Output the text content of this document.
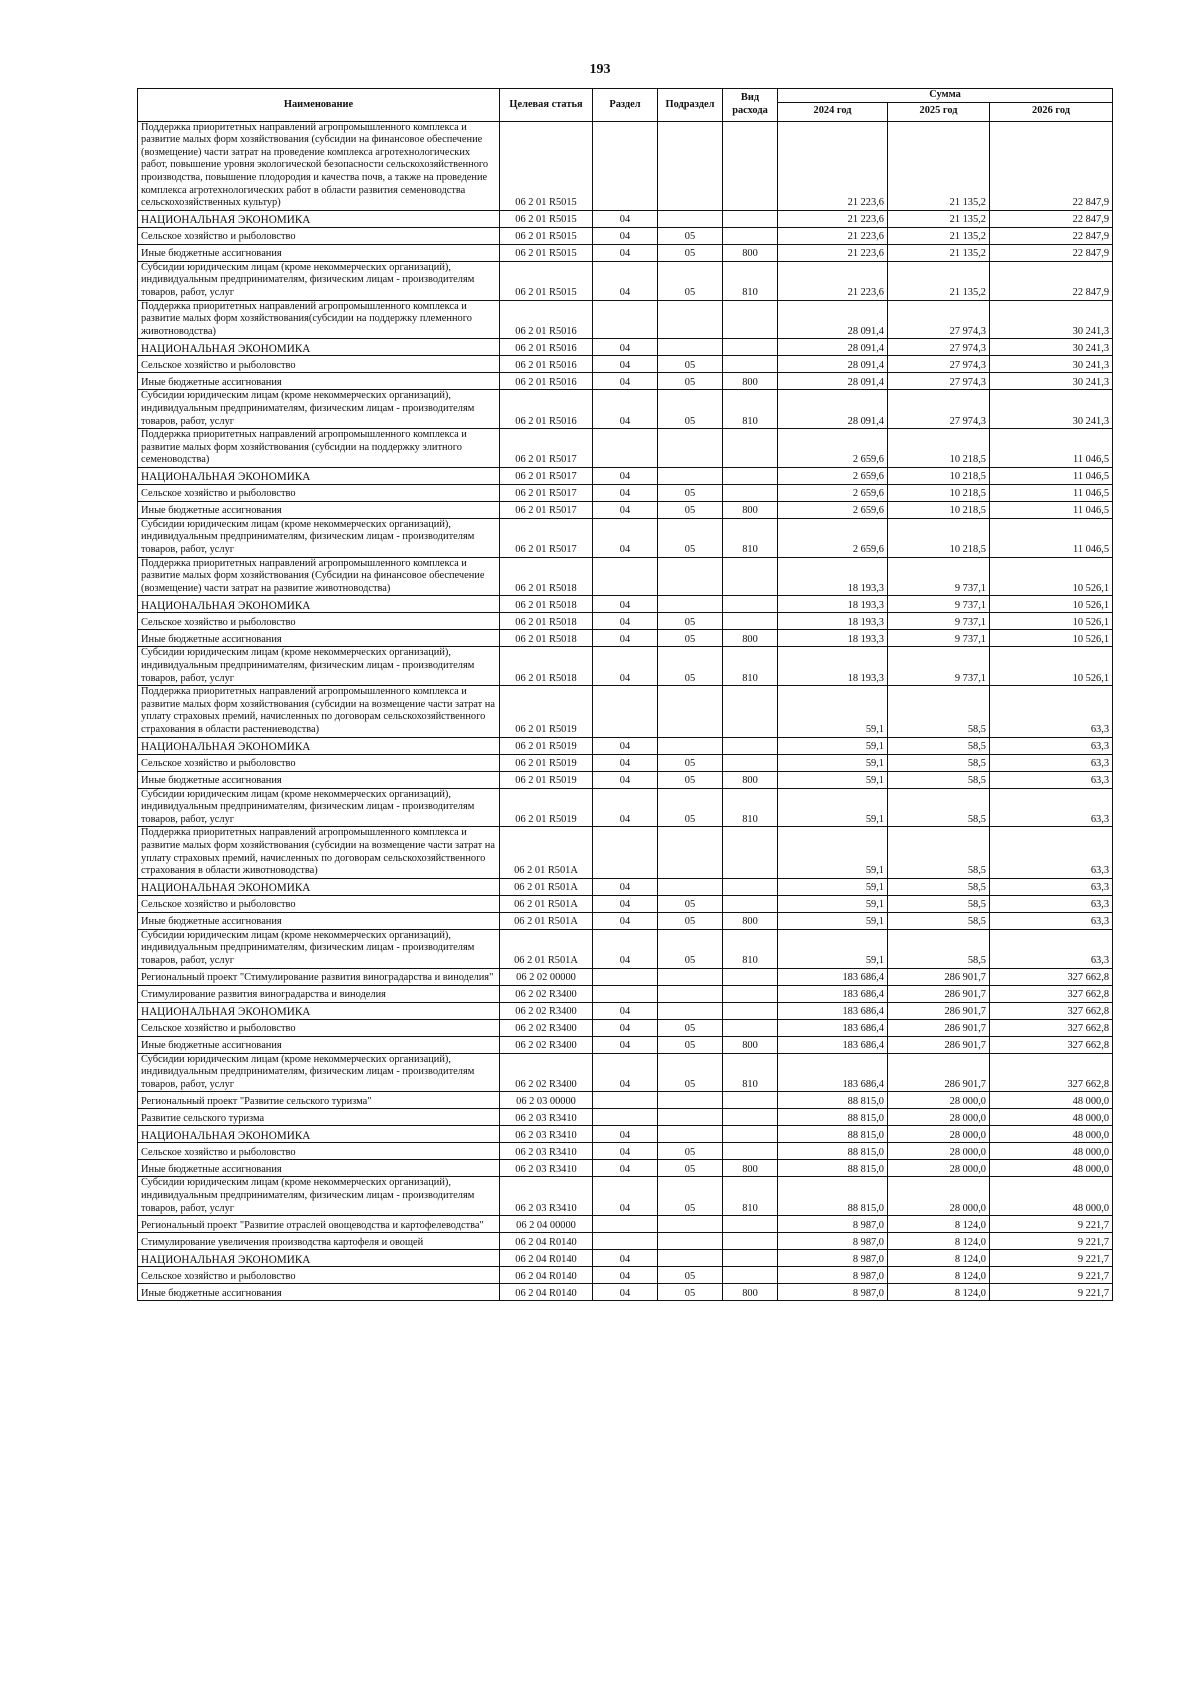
193
Наименование	Целевая статья	Раздел	Подраздел	Вид расхода	Сумма		
					2024 год	2025 год	2026 год
Поддержка приоритетных направлений агропромышленного комплекса и развитие малых форм хозяйствования (субсидии на финансовое обеспечение (возмещение) части затрат на проведение комплекса агротехнологических работ, повышение уровня экологической безопасности сельскохозяйственного производства, повышение плодородия и качества почв, а также на проведение комплекса агротехнологических работ в области развития семеноводства сельскохозяйственных культур)	06 2 01 R5015				21 223,6	21 135,2	22 847,9
НАЦИОНАЛЬНАЯ ЭКОНОМИКА	06 2 01 R5015	04			21 223,6	21 135,2	22 847,9
Сельское хозяйство и рыболовство	06 2 01 R5015	04	05		21 223,6	21 135,2	22 847,9
Иные бюджетные ассигнования	06 2 01 R5015	04	05	800	21 223,6	21 135,2	22 847,9
Субсидии юридическим лицам (кроме некоммерческих организаций), индивидуальным предпринимателям, физическим лицам - производителям товаров, работ, услуг	06 2 01 R5015	04	05	810	21 223,6	21 135,2	22 847,9
Поддержка приоритетных направлений агропромышленного комплекса и развитие малых форм хозяйствования(субсидии на поддержку племенного животноводства)	06 2 01 R5016				28 091,4	27 974,3	30 241,3
НАЦИОНАЛЬНАЯ ЭКОНОМИКА	06 2 01 R5016	04			28 091,4	27 974,3	30 241,3
Сельское хозяйство и рыболовство	06 2 01 R5016	04	05		28 091,4	27 974,3	30 241,3
Иные бюджетные ассигнования	06 2 01 R5016	04	05	800	28 091,4	27 974,3	30 241,3
Субсидии юридическим лицам (кроме некоммерческих организаций), индивидуальным предпринимателям, физическим лицам - производителям товаров, работ, услуг	06 2 01 R5016	04	05	810	28 091,4	27 974,3	30 241,3
Поддержка приоритетных направлений агропромышленного комплекса и развитие малых форм хозяйствования (субсидии на поддержку элитного семеноводства)	06 2 01 R5017				2 659,6	10 218,5	11 046,5
НАЦИОНАЛЬНАЯ ЭКОНОМИКА	06 2 01 R5017	04			2 659,6	10 218,5	11 046,5
Сельское хозяйство и рыболовство	06 2 01 R5017	04	05		2 659,6	10 218,5	11 046,5
Иные бюджетные ассигнования	06 2 01 R5017	04	05	800	2 659,6	10 218,5	11 046,5
Субсидии юридическим лицам (кроме некоммерческих организаций), индивидуальным предпринимателям, физическим лицам - производителям товаров, работ, услуг	06 2 01 R5017	04	05	810	2 659,6	10 218,5	11 046,5
Поддержка приоритетных направлений агропромышленного комплекса и развитие малых форм хозяйствования (Субсидии на финансовое обеспечение (возмещение) части затрат на развитие животноводства)	06 2 01 R5018				18 193,3	9 737,1	10 526,1
НАЦИОНАЛЬНАЯ ЭКОНОМИКА	06 2 01 R5018	04			18 193,3	9 737,1	10 526,1
Сельское хозяйство и рыболовство	06 2 01 R5018	04	05		18 193,3	9 737,1	10 526,1
Иные бюджетные ассигнования	06 2 01 R5018	04	05	800	18 193,3	9 737,1	10 526,1
Субсидии юридическим лицам (кроме некоммерческих организаций), индивидуальным предпринимателям, физическим лицам - производителям товаров, работ, услуг	06 2 01 R5018	04	05	810	18 193,3	9 737,1	10 526,1
Поддержка приоритетных направлений агропромышленного комплекса и развитие малых форм хозяйствования (субсидии на возмещение части затрат на уплату страховых премий, начисленных по договорам сельскохозяйственного страхования в области растениеводства)	06 2 01 R5019				59,1	58,5	63,3
НАЦИОНАЛЬНАЯ ЭКОНОМИКА	06 2 01 R5019	04			59,1	58,5	63,3
Сельское хозяйство и рыболовство	06 2 01 R5019	04	05		59,1	58,5	63,3
Иные бюджетные ассигнования	06 2 01 R5019	04	05	800	59,1	58,5	63,3
Субсидии юридическим лицам (кроме некоммерческих организаций), индивидуальным предпринимателям, физическим лицам - производителям товаров, работ, услуг	06 2 01 R5019	04	05	810	59,1	58,5	63,3
Поддержка приоритетных направлений агропромышленного комплекса и развитие малых форм хозяйствования (субсидии на возмещение части затрат на уплату страховых премий, начисленных по договорам сельскохозяйственного страхования в области животноводства)	06 2 01 R501A				59,1	58,5	63,3
НАЦИОНАЛЬНАЯ ЭКОНОМИКА	06 2 01 R501A	04			59,1	58,5	63,3
Сельское хозяйство и рыболовство	06 2 01 R501A	04	05		59,1	58,5	63,3
Иные бюджетные ассигнования	06 2 01 R501A	04	05	800	59,1	58,5	63,3
Субсидии юридическим лицам (кроме некоммерческих организаций), индивидуальным предпринимателям, физическим лицам - производителям товаров, работ, услуг	06 2 01 R501A	04	05	810	59,1	58,5	63,3
Региональный проект "Стимулирование развития виноградарства и виноделия"	06 2 02 00000				183 686,4	286 901,7	327 662,8
Стимулирование развития виноградарства и виноделия	06 2 02 R3400				183 686,4	286 901,7	327 662,8
НАЦИОНАЛЬНАЯ ЭКОНОМИКА	06 2 02 R3400	04			183 686,4	286 901,7	327 662,8
Сельское хозяйство и рыболовство	06 2 02 R3400	04	05		183 686,4	286 901,7	327 662,8
Иные бюджетные ассигнования	06 2 02 R3400	04	05	800	183 686,4	286 901,7	327 662,8
Субсидии юридическим лицам (кроме некоммерческих организаций), индивидуальным предпринимателям, физическим лицам - производителям товаров, работ, услуг	06 2 02 R3400	04	05	810	183 686,4	286 901,7	327 662,8
Региональный проект "Развитие сельского туризма"	06 2 03 00000				88 815,0	28 000,0	48 000,0
Развитие сельского туризма	06 2 03 R3410				88 815,0	28 000,0	48 000,0
НАЦИОНАЛЬНАЯ ЭКОНОМИКА	06 2 03 R3410	04			88 815,0	28 000,0	48 000,0
Сельское хозяйство и рыболовство	06 2 03 R3410	04	05		88 815,0	28 000,0	48 000,0
Иные бюджетные ассигнования	06 2 03 R3410	04	05	800	88 815,0	28 000,0	48 000,0
Субсидии юридическим лицам (кроме некоммерческих организаций), индивидуальным предпринимателям, физическим лицам - производителям товаров, работ, услуг	06 2 03 R3410	04	05	810	88 815,0	28 000,0	48 000,0
Региональный проект "Развитие отраслей овощеводства и картофелеводства"	06 2 04 00000				8 987,0	8 124,0	9 221,7
Стимулирование увеличения производства картофеля и овощей	06 2 04 R0140				8 987,0	8 124,0	9 221,7
НАЦИОНАЛЬНАЯ ЭКОНОМИКА	06 2 04 R0140	04			8 987,0	8 124,0	9 221,7
Сельское хозяйство и рыболовство	06 2 04 R0140	04	05		8 987,0	8 124,0	9 221,7
Иные бюджетные ассигнования	06 2 04 R0140	04	05	800	8 987,0	8 124,0	9 221,7
